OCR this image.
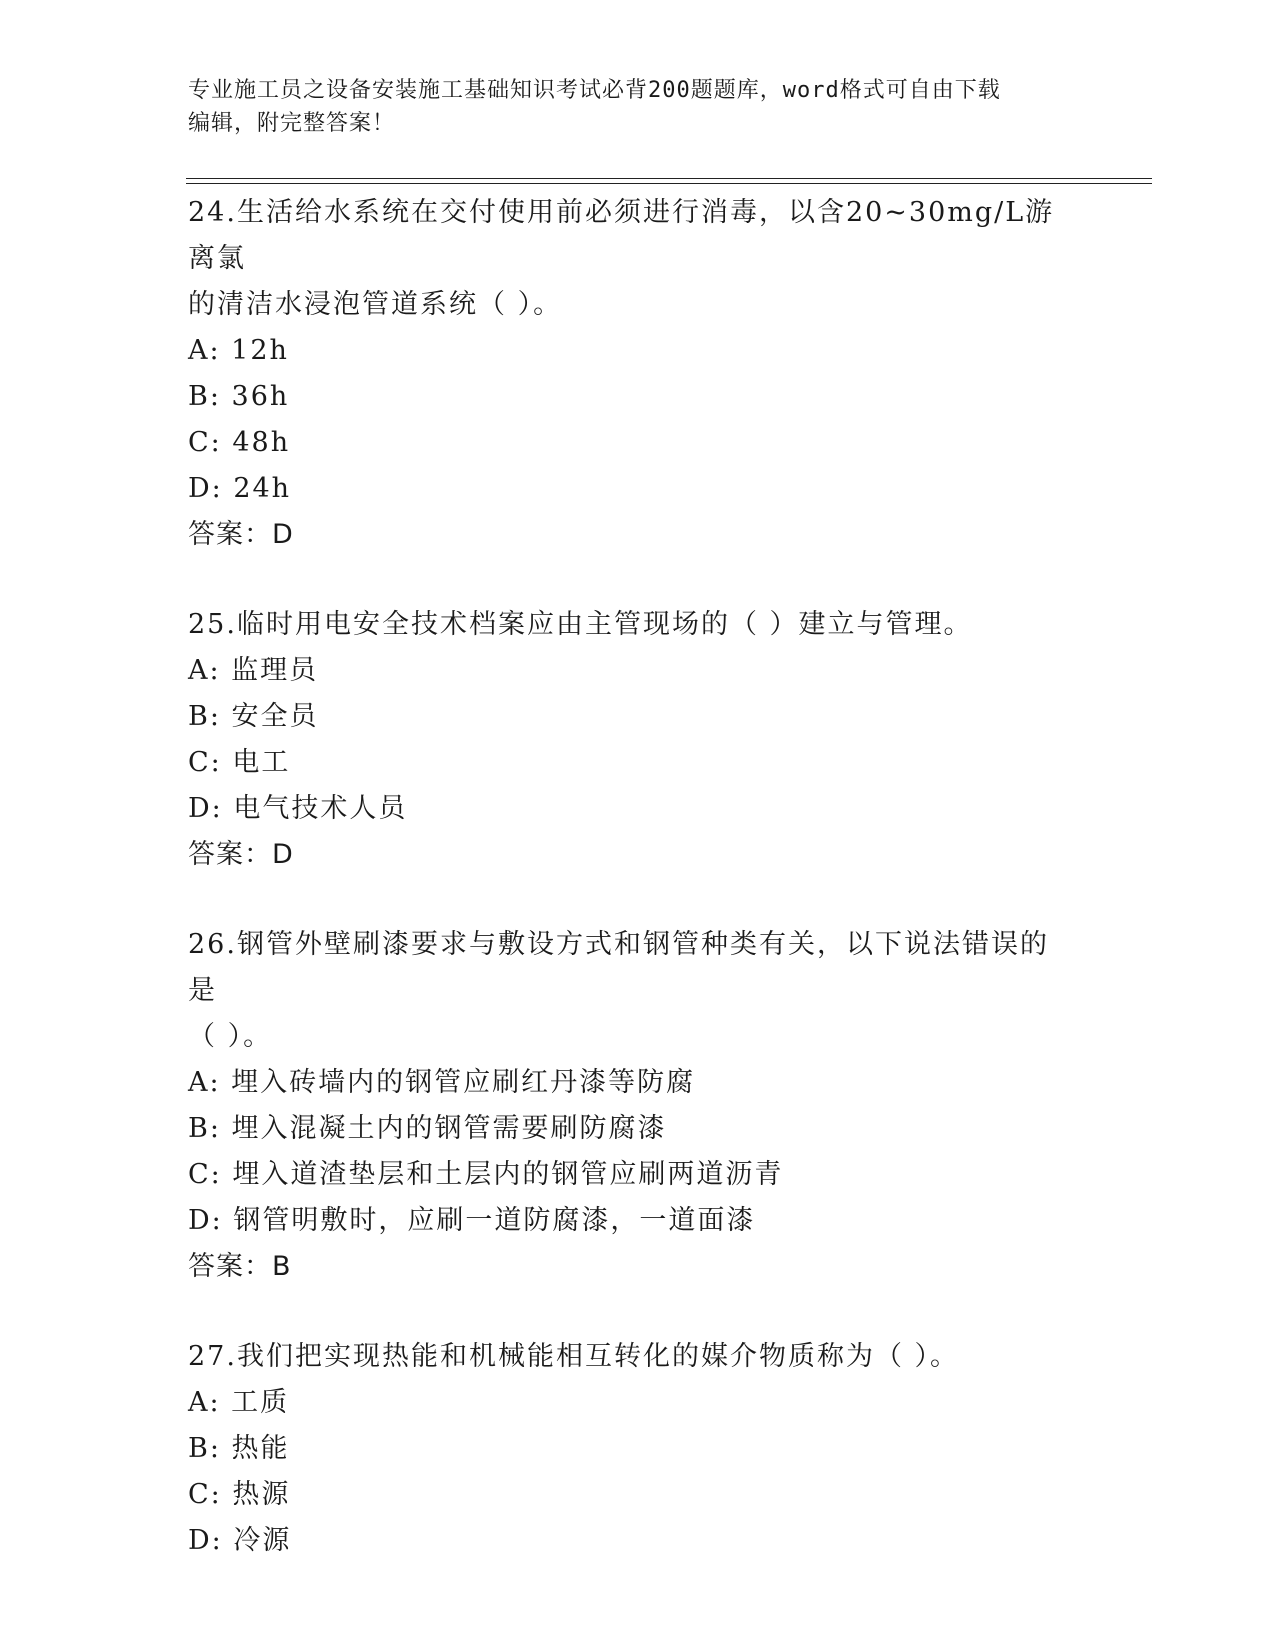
专业施工员之设备安装施工基础知识考试必背200题题库，word格式可自由下载
编辑，附完整答案！

24.生活给水系统在交付使用前必须进行消毒，以含20~30mg/L游离氯

的清洁水浸泡管道系统（ ）。

A: 12h

B: 36h

C: 48h

D: 24h

答案：D

25.临时用电安全技术档案应由主管现场的（ ）建立与管理。

A: 监理员

B: 安全员

C: 电工

D: 电气技术人员

答案：D

26.钢管外壁刷漆要求与敷设方式和钢管种类有关，以下说法错误的是

（ ）。

A: 埋入砖墙内的钢管应刷红丹漆等防腐

B: 埋入混凝土内的钢管需要刷防腐漆

C: 埋入道渣垫层和土层内的钢管应刷两道沥青

D: 钢管明敷时，应刷一道防腐漆，一道面漆

答案：B

27.我们把实现热能和机械能相互转化的媒介物质称为（ ）。

A: 工质

B: 热能

C: 热源

D: 冷源
